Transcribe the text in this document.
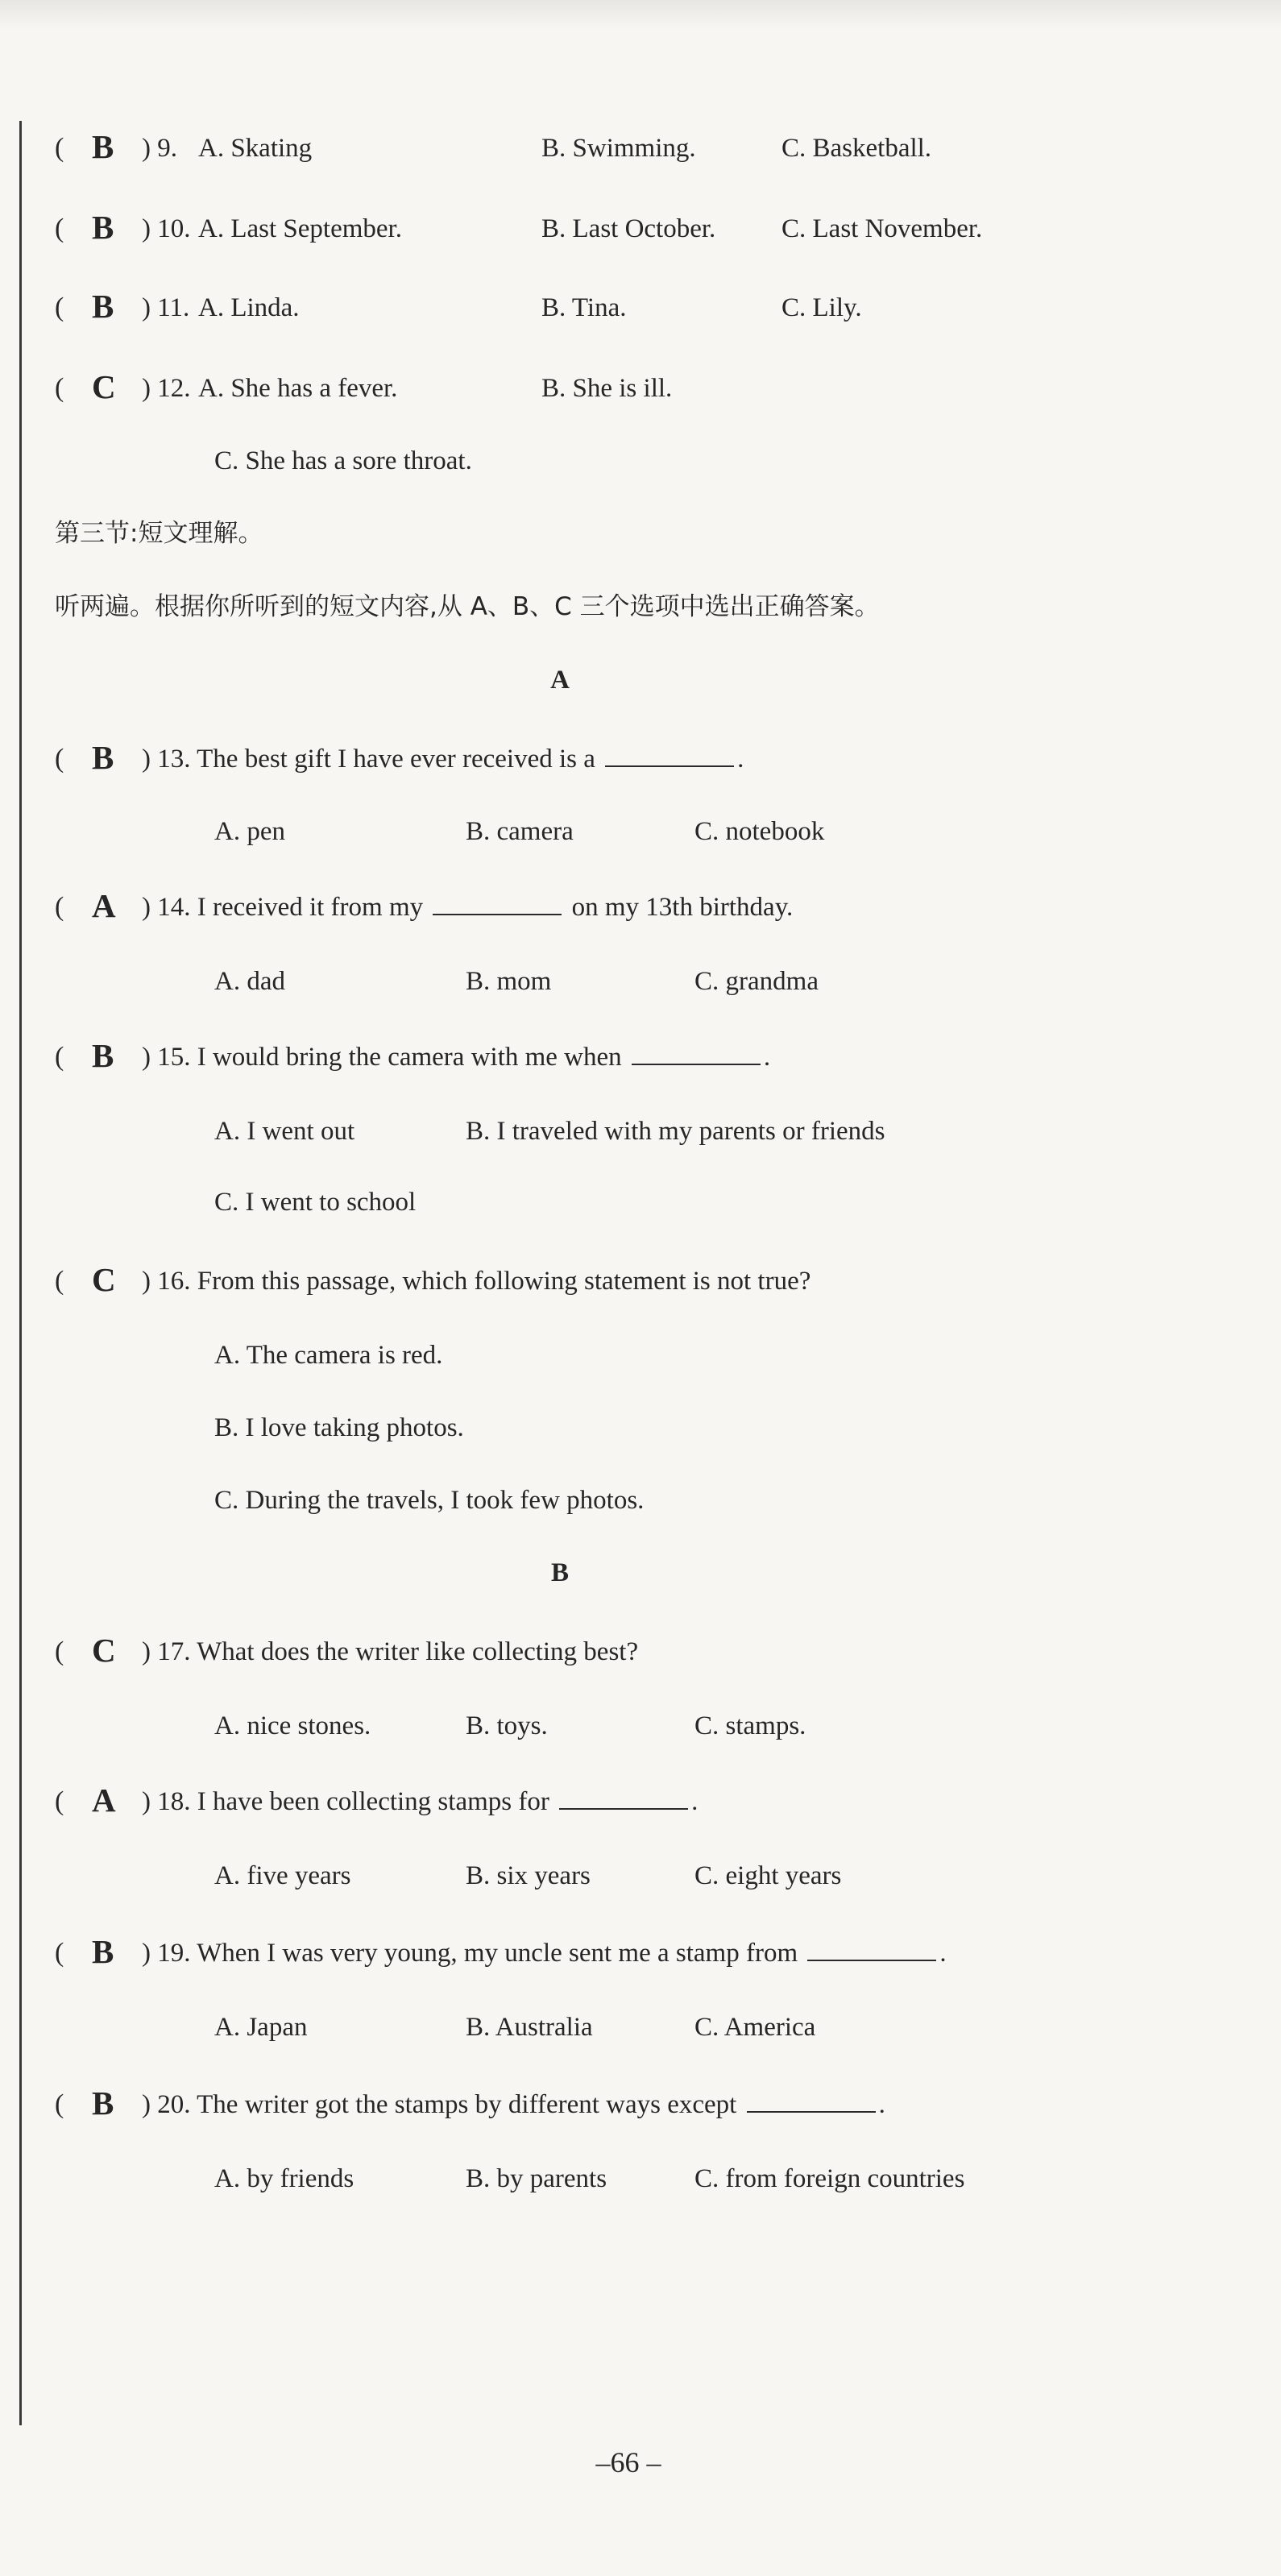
( B ) 9. A. Skating	B. Swimming.	C. Basketball.
( B ) 10. A. Last September.	B. Last October. C. Last November.
( B ) 11. A. Linda.	B. Tina.	C. Lily.
( C ) 12. A. She has a fever.	B. She is ill.
C. She has a sore throat.
第三节:短文理解。
听两遍。根据你所听到的短文内容,从 A、B、C 三个选项中选出正确答案。
A
( B ) 13. The best gift I have ever received is a	.
A. pen	B. camera	C. notebook
( A ) 14. I received it from my	on my 13th birthday.
A. dad	B. mom	C. grandma
( B ) 15. I would bring the camera with me when	.
A. I went out	B. I traveled with my parents or friends
C. I went to school
( C ) 16. From this passage, which following statement is not true?
A. The camera is red.
B. I love taking photos.
C. During the travels, I took few photos.
B
( C ) 17. What does the writer like collecting best?
A. nice stones.	B. toys.	C. stamps.
( A ) 18. I have been collecting stamps for	.
A. five years	B. six years	C. eight years
( B ) 19. When I was very young, my uncle sent me a stamp from	.
A. Japan	B. Australia	C. America
( B ) 20. The writer got the stamps by different ways except	.
A. by friends	B. by parents	C. from foreign countries
–66 –
